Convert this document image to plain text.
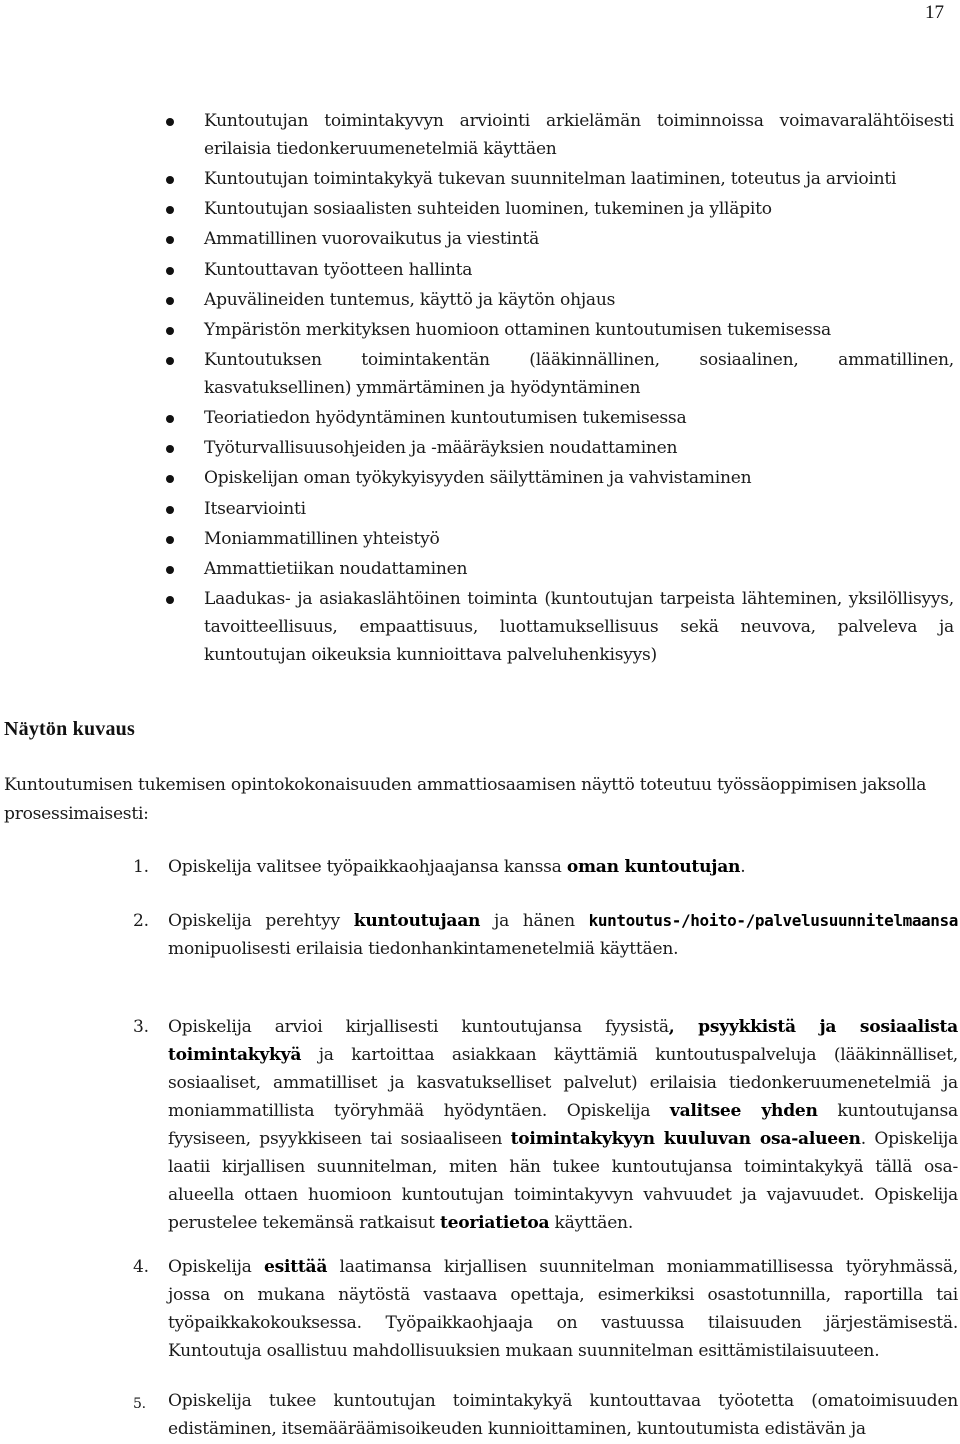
17
Kuntoutujan toimintakyvyn arviointi arkielämän toiminnoissa voimavaralähtöisesti erilaisia tiedonkeruumenetelmiä käyttäen
Kuntoutujan toimintakykyä tukevan suunnitelman laatiminen, toteutus ja arviointi
Kuntoutujan sosiaalisten suhteiden luominen, tukeminen ja ylläpito
Ammatillinen vuorovaikutus ja viestintä
Kuntouttavan työotteen hallinta
Apuvälineiden tuntemus, käyttö ja käytön ohjaus
Ympäristön merkityksen huomioon ottaminen kuntoutumisen tukemisessa
Kuntoutuksen toimintakentän (lääkinnällinen, sosiaalinen, ammatillinen, kasvatuksellinen) ymmärtäminen ja hyödyntäminen
Teoriatiedon hyödyntäminen kuntoutumisen tukemisessa
Työturvallisuusohjeiden ja -määräyksien noudattaminen
Opiskelijan oman työkykyisyyden säilyttäminen ja vahvistaminen
Itsearviointi
Moniammatillinen yhteistyö
Ammattietiikan noudattaminen
Laadukas- ja asiakaslähtöinen toiminta (kuntoutujan tarpeista lähteminen, yksilöllisyys, tavoitteellisuus, empaattisuus, luottamuksellisuus sekä neuvova, palveleva ja kuntoutujan oikeuksia kunnioittava palveluhenkisyys)
Näytön kuvaus
Kuntoutumisen tukemisen opintokokonaisuuden ammattiosaamisen näyttö toteutuu työssäoppimisen jaksolla prosessimaisesti:
1. Opiskelija valitsee työpaikkaohjaajansa kanssa oman kuntoutujan.
2. Opiskelija perehtyy kuntoutujaan ja hänen kuntoutus-/hoito-/palvelusuunnitelmaansa monipuolisesti erilaisia tiedonhankintamenetelmiä käyttäen.
3. Opiskelija arvioi kirjallisesti kuntoutujansa fyysistä, psyykkistä ja sosiaalista toimintakykyä ja kartoittaa asiakkaan käyttämiä kuntoutuspalveluja (lääkinnälliset, sosiaaliset, ammatilliset ja kasvatukselliset palvelut) erilaisia tiedonkeruumenetelmiä ja moniammatillista työryhmää hyödyntäen. Opiskelija valitsee yhden kuntoutujansa fyysiseen, psyykkiseen tai sosiaaliseen toimintakykyyn kuuluvan osa-alueen. Opiskelija laatii kirjallisen suunnitelman, miten hän tukee kuntoutujansa toimintakykyä tällä osa-alueella ottaen huomioon kuntoutujan toimintakyvyn vahvuudet ja vajavuudet. Opiskelija perustelee tekemänsä ratkaisut teoriatietoa käyttäen.
4. Opiskelija esittää laatimansa kirjallisen suunnitelman moniammatillisessa työryhmässä, jossa on mukana näytöstä vastaava opettaja, esimerkiksi osastotunnilla, raportilla tai työpaikkakokouksessa. Työpaikkaohjaaja on vastuussa tilaisuuden järjestämisestä. Kuntoutuja osallistuu mahdollisuuksien mukaan suunnitelman esittämistilaisuuteen.
5. Opiskelija tukee kuntoutujan toimintakykyä kuntouttavaa työotetta (omatoimisuuden edistäminen, itsemääräämisoikeuden kunnioittaminen, kuntoutumista edistävän ja
